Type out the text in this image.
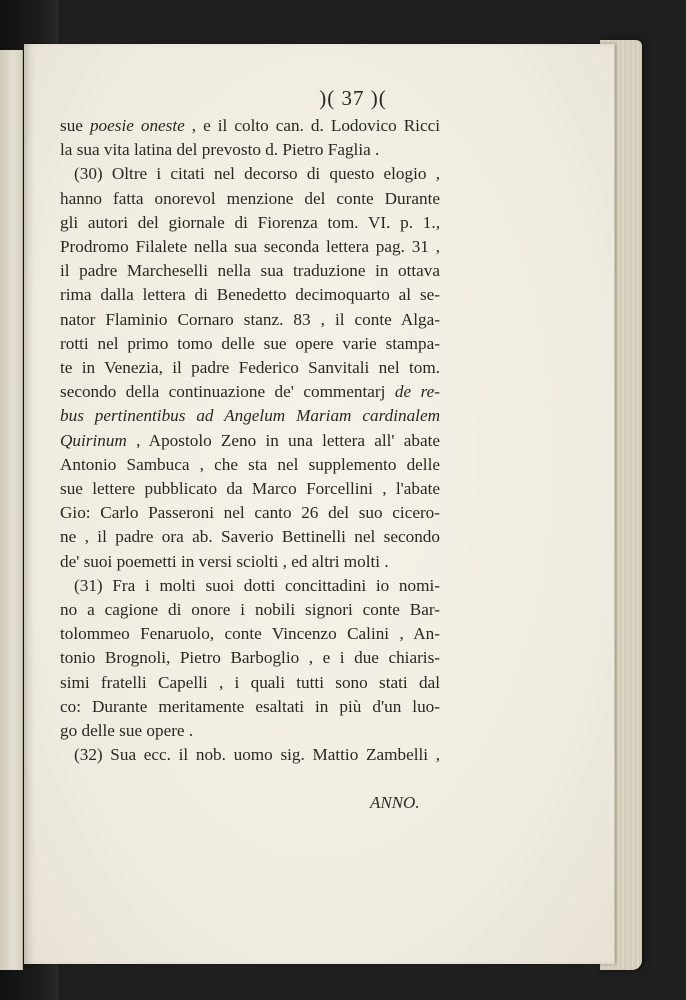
)( 37 )(
sue poesie oneste , e il colto can. d. Lodovico Ricci
la sua vita latina del prevosto d. Pietro Faglia .
(30) Oltre i citati nel decorso di questo elogio ,
hanno fatta onorevol menzione del conte Durante
gli autori del giornale di Fiorenza tom. VI. p. 1.,
Prodromo Filalete nella sua seconda lettera pag. 31 ,
il padre Marcheselli nella sua traduzione in ottava
rima dalla lettera di Benedetto decimoquarto al se-
nator Flaminio Cornaro stanz. 83 , il conte Alga-
rotti nel primo tomo delle sue opere varie stampa-
te in Venezia, il padre Federico Sanvitali nel tom.
secondo della continuazione de' commentarj de re-
bus pertinentibus ad Angelum Mariam cardinalem
Quirinum , Apostolo Zeno in una lettera all' abate
Antonio Sambuca , che sta nel supplemento delle
sue lettere pubblicato da Marco Forcellini , l'abate
Gio: Carlo Passeroni nel canto 26 del suo cicero-
ne , il padre ora ab. Saverio Bettinelli nel secondo
de' suoi poemetti in versi sciolti , ed altri molti .
(31) Fra i molti suoi dotti concittadini io nomi-
no a cagione di onore i nobili signori conte Bar-
tolommeo Fenaruolo, conte Vincenzo Calini , An-
tonio Brognoli, Pietro Barboglio , e i due chiaris-
simi fratelli Capelli , i quali tutti sono stati dal
co: Durante meritamente esaltati in più d'un luo-
go delle sue opere .
(32) Sua ecc. il nob. uomo sig. Mattio Zambelli ,
ANNO.
